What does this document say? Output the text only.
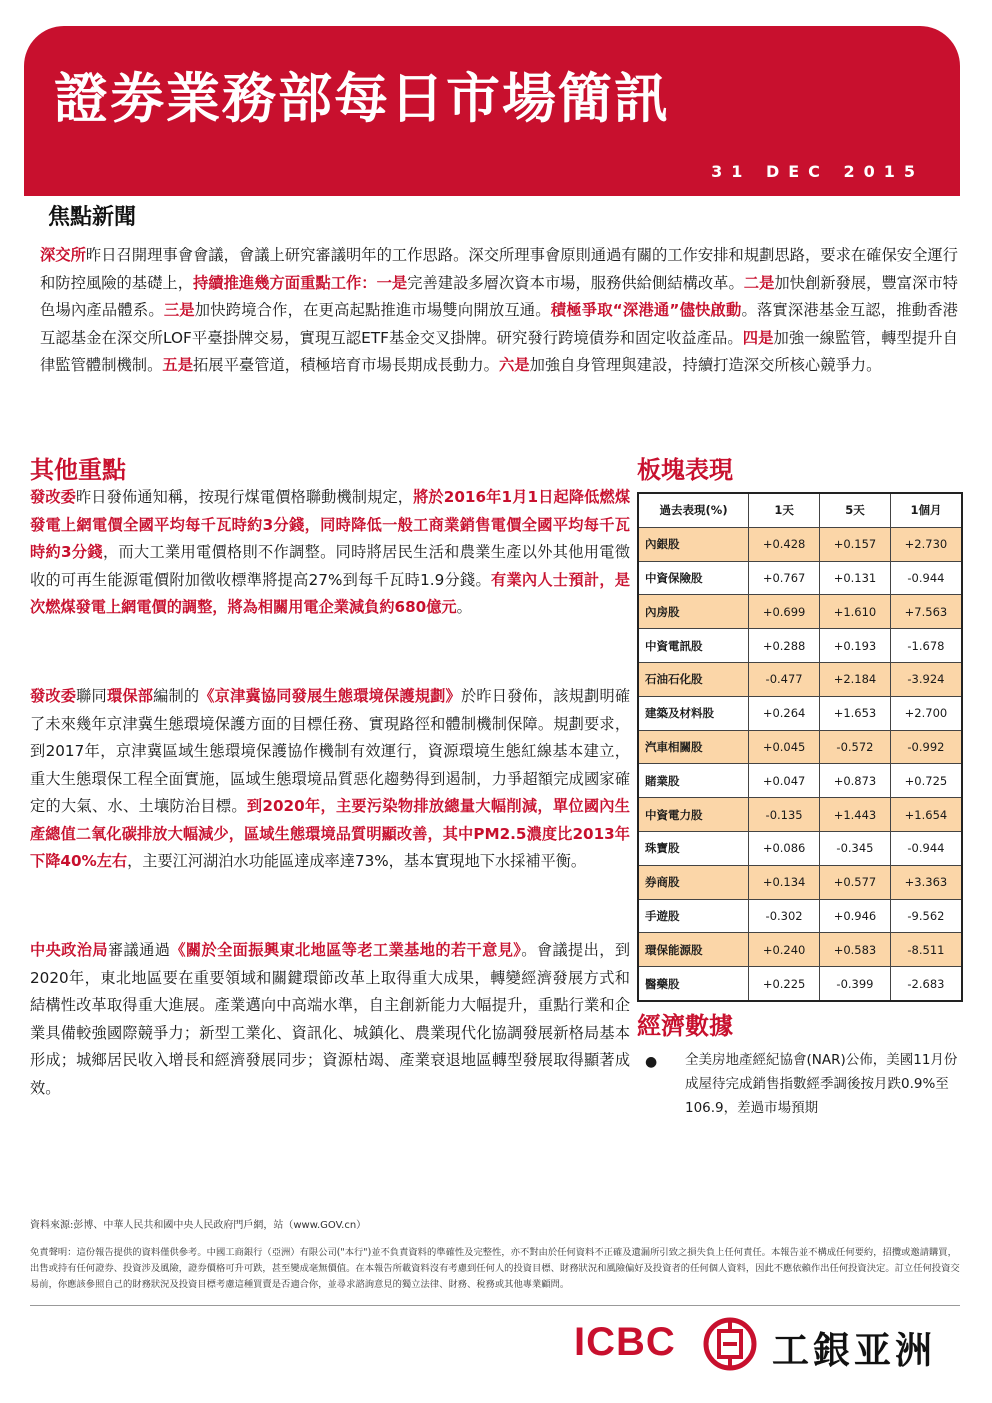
證劵業務部每日市場簡訊
31 DEC 2015
焦點新聞
深交所昨日召開理事會會議，會議上研究審議明年的工作思路。深交所理事會原則通過有關的工作安排和規劃思路，要求在確保安全運行和防控風險的基礎上，持續推進幾方面重點工作：一是完善建設多層次資本市場，服務供給側結構改革。二是加快創新發展，豐富深市特色場內產品體系。三是加快跨境合作，在更高起點推進市場雙向開放互通。積極爭取“深港通”儘快啟動。落實深港基金互認，推動香港互認基金在深交所LOF平臺掛牌交易，實現互認ETF基金交叉掛牌。研究發行跨境債券和固定收益產品。四是加強一線監管，轉型提升自律監管體制機制。五是拓展平臺管道，積極培育市場長期成長動力。六是加強自身管理與建設，持續打造深交所核心競爭力。
其他重點
發改委昨日發佈通知稱，按現行煤電價格聯動機制規定，將於2016年1月1日起降低燃煤發電上網電價全國平均每千瓦時約3分錢，同時降低一般工商業銷售電價全國平均每千瓦時約3分錢，而大工業用電價格則不作調整。同時將居民生活和農業生產以外其他用電徵收的可再生能源電價附加徵收標準將提高27%到每千瓦時1.9分錢。有業內人士預計，是次燃煤發電上網電價的調整，將為相關用電企業減負約680億元。
發改委聯同環保部編制的《京津冀協同發展生態環境保護規劃》於昨日發佈，該規劃明確了未來幾年京津冀生態環境保護方面的目標任務、實現路徑和體制機制保障。規劃要求，到2017年，京津冀區域生態環境保護協作機制有效運行，資源環境生態紅線基本建立，重大生態環保工程全面實施，區域生態環境品質惡化趨勢得到遏制，力爭超額完成國家確定的大氣、水、土壤防治目標。到2020年，主要污染物排放總量大幅削減，單位國內生產總值二氧化碳排放大幅減少，區域生態環境品質明顯改善，其中PM2.5濃度比2013年下降40%左右，主要江河湖泊水功能區達成率達73%，基本實現地下水採補平衡。
中央政治局審議通過《關於全面振興東北地區等老工業基地的若干意見》。會議提出，到2020年，東北地區要在重要領域和關鍵環節改革上取得重大成果，轉變經濟發展方式和結構性改革取得重大進展。產業邁向中高端水準，自主創新能力大幅提升，重點行業和企業具備較強國際競爭力；新型工業化、資訊化、城鎮化、農業現代化協調發展新格局基本形成；城鄉居民收入增長和經濟發展同步；資源枯竭、產業衰退地區轉型發展取得顯著成效。
板塊表現
過去表現(%)	1天	5天	1個月
內銀股	+0.428	+0.157	+2.730
中資保險股	+0.767	+0.131	-0.944
內房股	+0.699	+1.610	+7.563
中資電訊股	+0.288	+0.193	-1.678
石油石化股	-0.477	+2.184	-3.924
建築及材料股	+0.264	+1.653	+2.700
汽車相關股	+0.045	-0.572	-0.992
賭業股	+0.047	+0.873	+0.725
中資電力股	-0.135	+1.443	+1.654
珠寶股	+0.086	-0.345	-0.944
券商股	+0.134	+0.577	+3.363
手遊股	-0.302	+0.946	-9.562
環保能源股	+0.240	+0.583	-8.511
醫藥股	+0.225	-0.399	-2.683
經濟數據
● 全美房地產經紀協會(NAR)公佈，美國11月份成屋待完成銷售指數經季調後按月跌0.9%至106.9，差過市場預期
資料來源:彭博、中華人民共和國中央人民政府門戶網，站（www.GOV.cn）
免責聲明：這份報告提供的資料僅供參考。中國工商銀行（亞洲）有限公司("本行")並不負責資料的準確性及完整性，亦不對由於任何資料不正確及遺漏所引致之損失負上任何責任。本報告並不構成任何要約，招攬或邀請購買，出售或持有任何證券、投資涉及風險，證券價格可升可跌，甚至變成毫無價值。在本報告所載資料沒有考慮到任何人的投資目標、財務狀況和風險偏好及投資者的任何個人資料，因此不應依賴作出任何投資決定。訂立任何投資交易前，你應該參照自己的財務狀況及投資目標考慮這種買賣是否適合你，並尋求諮詢意見的獨立法律、財務、稅務或其他專業顧問。
ICBC	工銀亚洲
